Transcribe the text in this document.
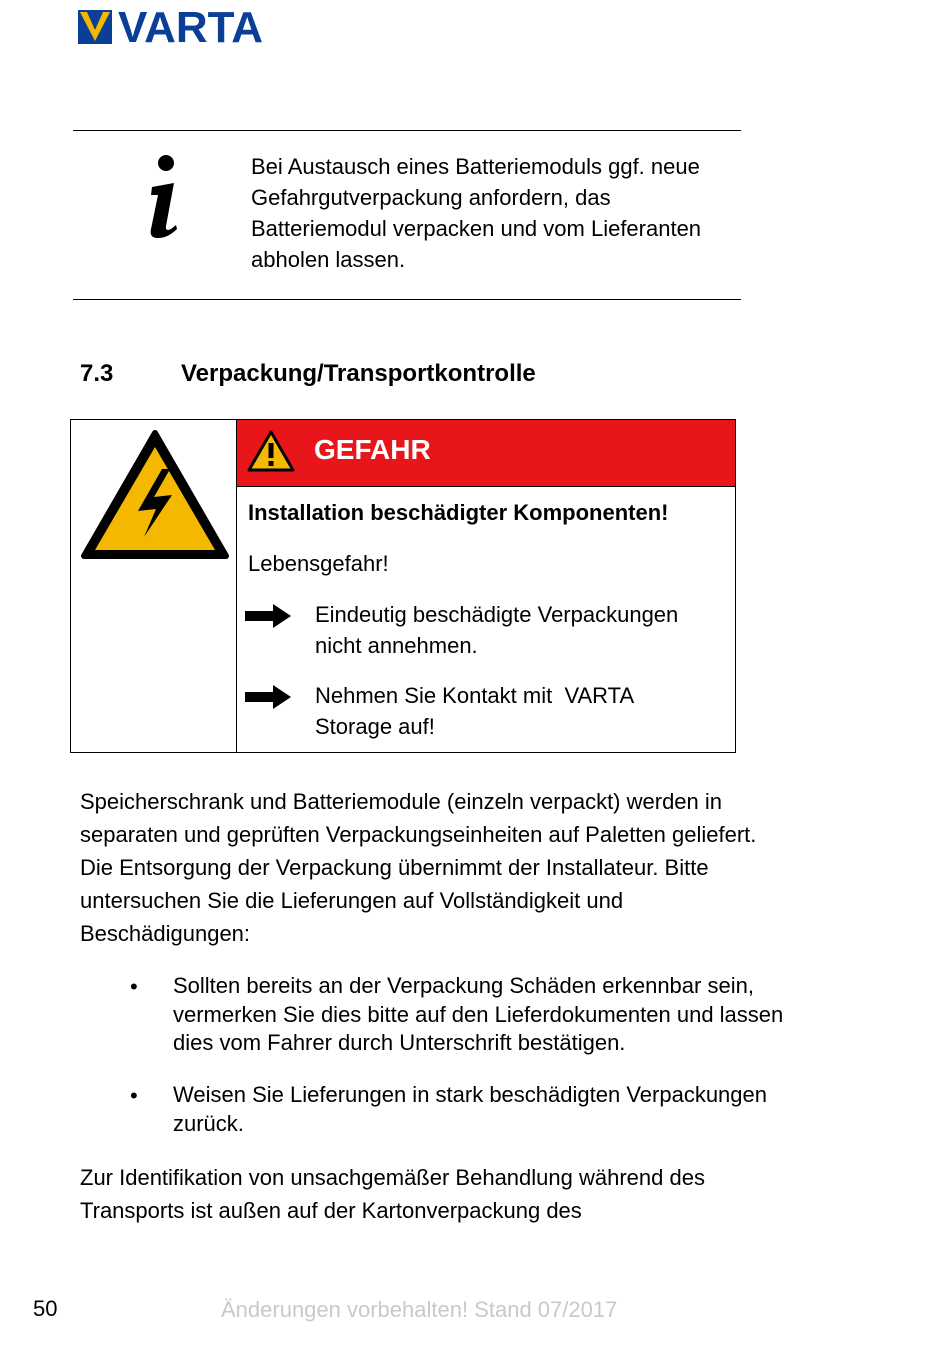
VARTA
Bei Austausch eines Batteriemoduls ggf. neue Gefahrgutverpackung anfordern, das Batteriemodul verpacken und vom Lieferanten abholen lassen.
7.3	Verpackung/Transportkontrolle
GEFAHR
Installation beschädigter Komponenten!
Lebensgefahr!
Eindeutig beschädigte Verpackungen nicht annehmen.
Nehmen Sie Kontakt mit  VARTA Storage auf!
Speicherschrank und Batteriemodule (einzeln verpackt) werden in separaten und geprüften Verpackungseinheiten auf Paletten geliefert. Die Entsorgung der Verpackung übernimmt der Installateur. Bitte untersuchen Sie die Lieferungen auf Vollständigkeit und Beschädigungen:
• Sollten bereits an der Verpackung Schäden erkennbar sein, vermerken Sie dies bitte auf den Lieferdokumenten und lassen dies vom Fahrer durch Unterschrift bestätigen.
• Weisen Sie Lieferungen in stark beschädigten Verpackungen zurück.
Zur Identifikation von unsachgemäßer Behandlung während des Transports ist außen auf der Kartonverpackung des
50	Änderungen vorbehalten! Stand 07/2017
